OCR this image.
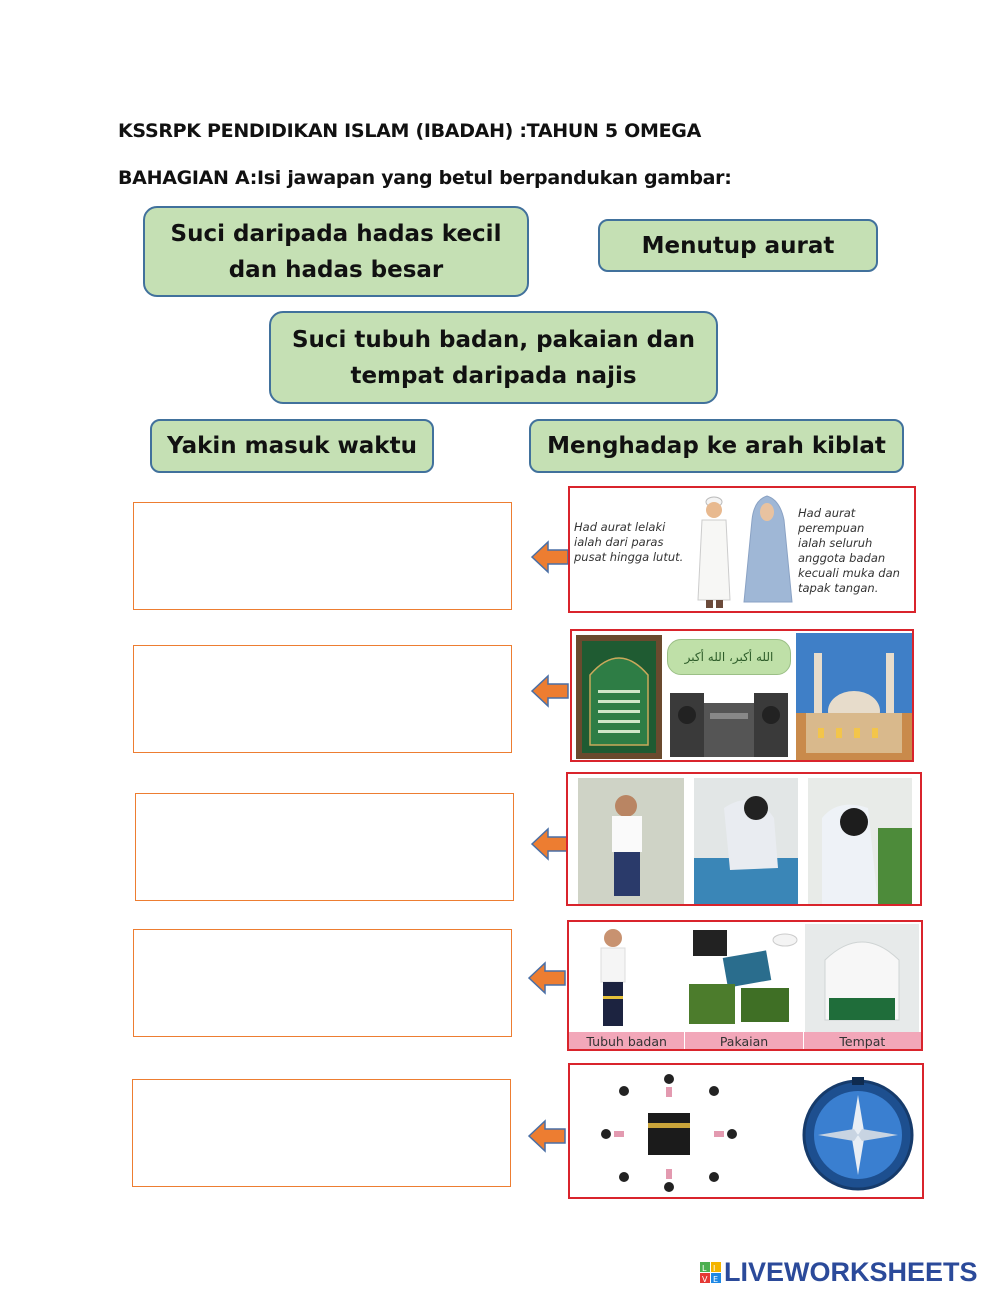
KSSRPK PENDIDIKAN ISLAM (IBADAH) :TAHUN 5 OMEGA
BAHAGIAN A:Isi jawapan yang betul berpandukan gambar:
Suci daripada hadas kecil
dan hadas besar
Menutup aurat
Suci tubuh badan, pakaian dan
tempat daripada najis
Yakin masuk waktu	Menghadap ke arah kiblat
Had aurat lelaki
ialah dari paras
pusat hingga lutut.
Had aurat
perempuan
ialah seluruh
anggota badan
kecuali muka dan
tapak tangan.
الله أكبر، الله أكبر
Tubuh badan	Pakaian	Tempat
L I
V E LIVEWORKSHEETS
